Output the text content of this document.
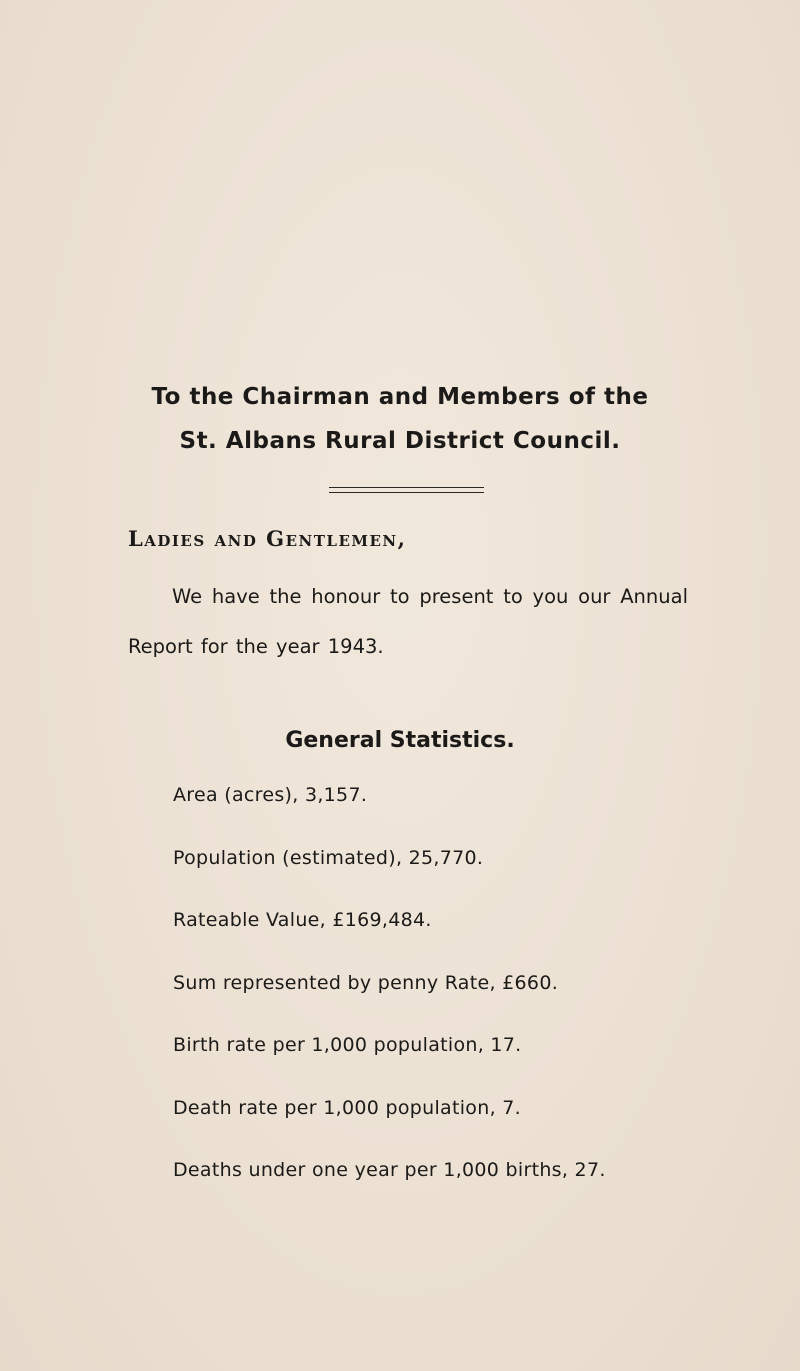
To the Chairman and Members of the

St. Albans Rural District Council.

Ladies and Gentlemen,

We have the honour to present to you our Annual Report for the year 1943.

General Statistics.
Area (acres), 3,157.
Population (estimated), 25,770.
Rateable Value, £169,484.
Sum represented by penny Rate, £660.
Birth rate per 1,000 population, 17.
Death rate per 1,000 population, 7.
Deaths under one year per 1,000 births, 27.
